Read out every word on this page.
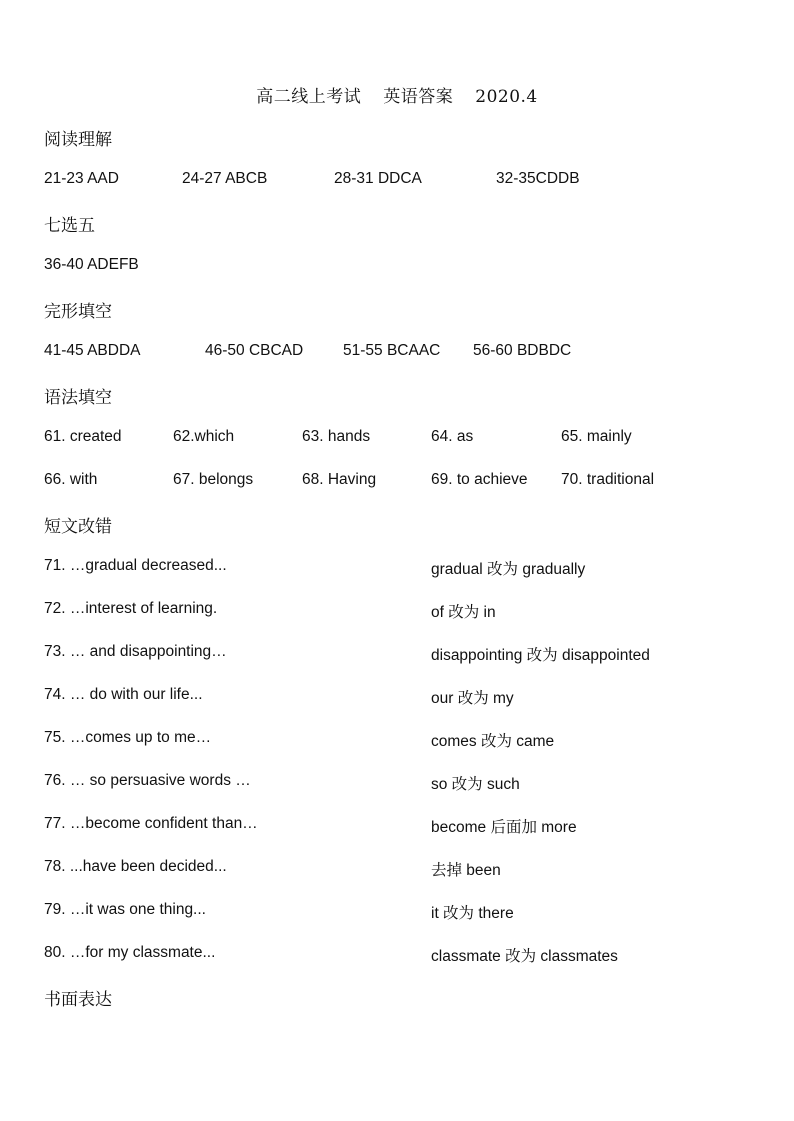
高二线上考试 英语答案 2020.4
阅读理解
21-23 AAD	24-27 ABCB	28-31 DDCA	32-35CDDB
七选五
36-40 ADEFB
完形填空
41-45 ABDDA	46-50 CBCAD	51-55 BCAAC 56-60 BDBDC
语法填空
61. created	62.which	63. hands	64. as	65. mainly
66. with	67. belongs	68. Having	69. to achieve 70. traditional
短文改错
71. …gradual decreased...	gradual 改为 gradually
72. …interest of learning.	of 改为 in
73. … and disappointing…	disappointing 改为 disappointed
74. … do with our life...	our 改为 my
75. …comes up to me…	comes 改为 came
76. … so persuasive words …	so 改为 such
77. …become confident than…	become 后面加 more
78. ...have been decided...	去掉 been
79. …it was one thing...	it 改为 there
80. …for my classmate...	classmate 改为 classmates
书面表达
